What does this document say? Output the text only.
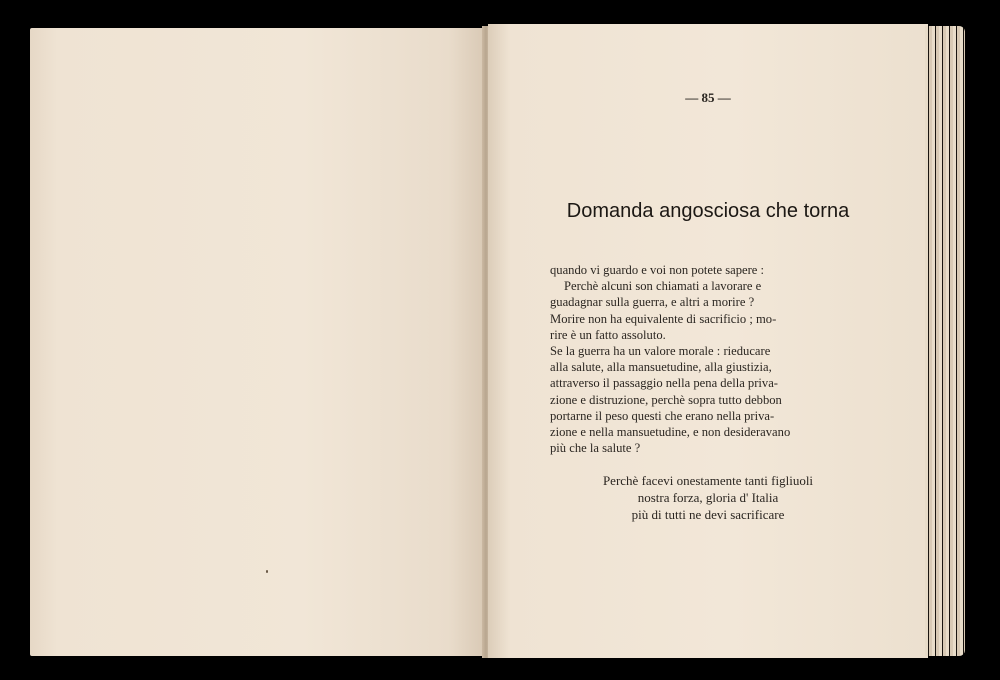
— 85 —
Domanda angosciosa che torna
quando vi guardo e voi non potete sapere :
Perchè alcuni son chiamati a lavorare e
guadagnar sulla guerra, e altri a morire ?
Morire non ha equivalente di sacrificio ; mo-
rire è un fatto assoluto.
Se la guerra ha un valore morale : rieducare
alla salute, alla mansuetudine, alla giustizia,
attraverso il passaggio nella pena della priva-
zione e distruzione, perchè sopra tutto debbon
portarne il peso questi che erano nella priva-
zione e nella mansuetudine, e non desideravano
più che la salute ?
Perchè facevi onestamente tanti figliuoli
nostra forza, gloria d' Italia
più di tutti ne devi sacrificare
